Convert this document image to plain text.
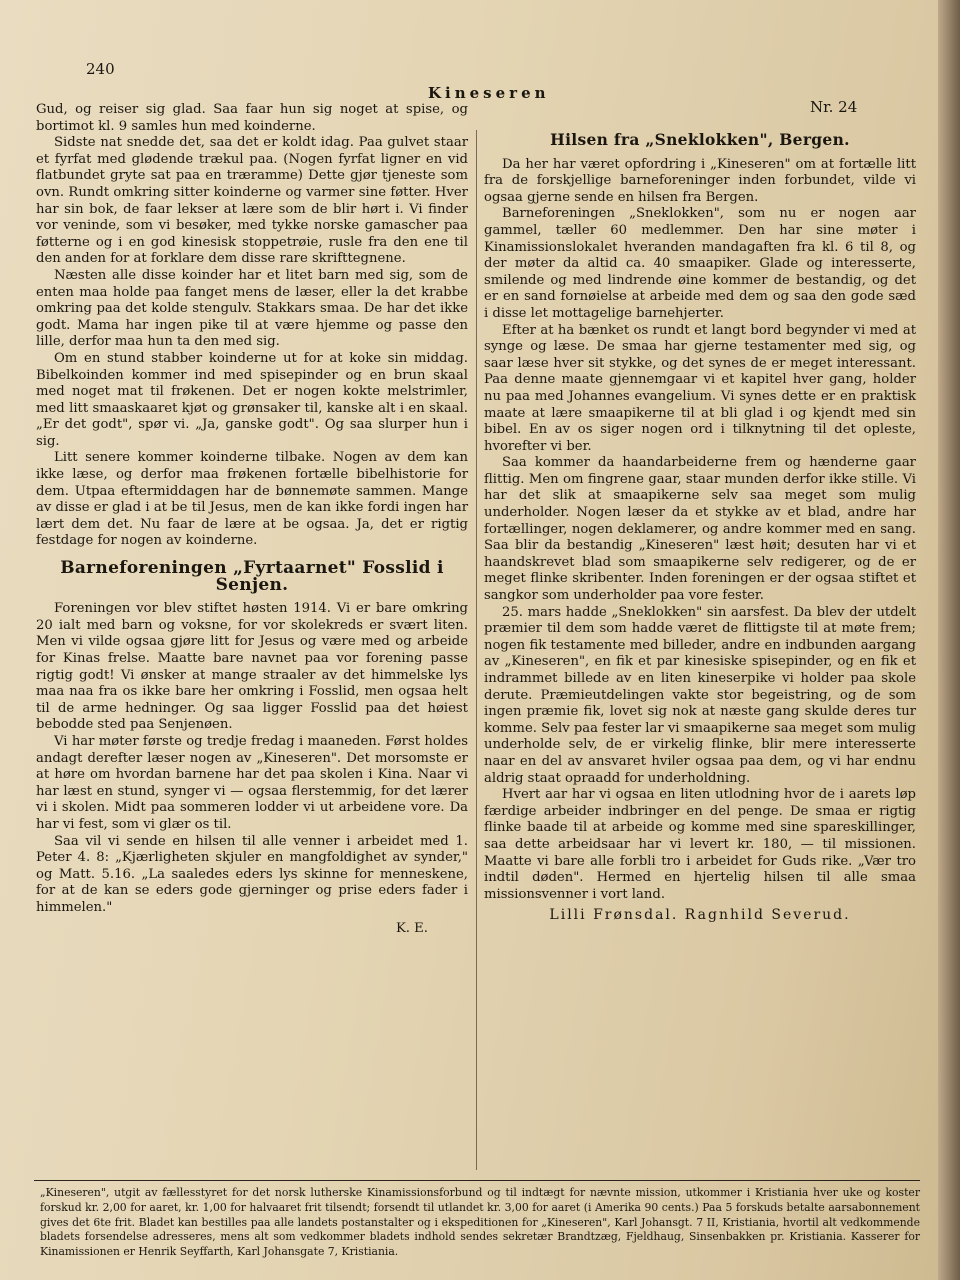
240
Kineseren
Nr. 24

Gud, og reiser sig glad. Saa faar hun sig noget at spise, og bortimot kl. 9 samles hun med koinderne.

Sidste nat snedde det, saa det er koldt idag. Paa gulvet staar et fyrfat med glødende trækul paa. (Nogen fyrfat ligner en vid flatbundet gryte sat paa en træramme) Dette gjør tjeneste som ovn. Rundt omkring sitter koinderne og varmer sine føtter. Hver har sin bok, de faar lekser at lære som de blir hørt i. Vi finder vor veninde, som vi besøker, med tykke norske gamascher paa føtterne og i en god kinesisk stoppetrøie, rusle fra den ene til den anden for at forklare dem disse rare skrifttegnene.

Næsten alle disse koinder har et litet barn med sig, som de enten maa holde paa fanget mens de læser, eller la det krabbe omkring paa det kolde stengulv. Stakkars smaa. De har det ikke godt. Mama har ingen pike til at være hjemme og passe den lille, derfor maa hun ta den med sig.

Om en stund stabber koinderne ut for at koke sin middag. Bibelkoinden kommer ind med spisepinder og en brun skaal med noget mat til frøkenen. Det er nogen kokte melstrimler, med litt smaaskaaret kjøt og grønsaker til, kanske alt i en skaal. „Er det godt", spør vi. „Ja, ganske godt". Og saa slurper hun i sig.

Litt senere kommer koinderne tilbake. Nogen av dem kan ikke læse, og derfor maa frøkenen fortælle bibelhistorie for dem. Utpaa eftermiddagen har de bønnemøte sammen. Mange av disse er glad i at be til Jesus, men de kan ikke fordi ingen har lært dem det. Nu faar de lære at be ogsaa. Ja, det er rigtig festdage for nogen av koinderne.

Barneforeningen „Fyrtaarnet" Fosslid i Senjen.

Foreningen vor blev stiftet høsten 1914. Vi er bare omkring 20 ialt med barn og voksne, for vor skolekreds er svært liten. Men vi vilde ogsaa gjøre litt for Jesus og være med og arbeide for Kinas frelse. Maatte bare navnet paa vor forening passe rigtig godt! Vi ønsker at mange straaler av det himmelske lys maa naa fra os ikke bare her omkring i Fosslid, men ogsaa helt til de arme hedninger. Og saa ligger Fosslid paa det høiest bebodde sted paa Senjenøen.

Vi har møter første og tredje fredag i maaneden. Først holdes andagt derefter læser nogen av „Kineseren". Det morsomste er at høre om hvordan barnene har det paa skolen i Kina. Naar vi har læst en stund, synger vi — ogsaa flerstemmig, for det lærer vi i skolen. Midt paa sommeren lodder vi ut arbeidene vore. Da har vi fest, som vi glær os til.

Saa vil vi sende en hilsen til alle venner i arbeidet med 1. Peter 4. 8: „Kjærligheten skjuler en mangfoldighet av synder," og Matt. 5.16. „La saaledes eders lys skinne for menneskene, for at de kan se eders gode gjerninger og prise eders fader i himmelen."

K. E.
Hilsen fra „Sneklokken", Bergen.

Da her har været opfordring i „Kineseren" om at fortælle litt fra de forskjellige barneforeninger inden forbundet, vilde vi ogsaa gjerne sende en hilsen fra Bergen.

Barneforeningen „Sneklokken", som nu er nogen aar gammel, tæller 60 medlemmer. Den har sine møter i Kinamissionslokalet hveranden mandagaften fra kl. 6 til 8, og der møter da altid ca. 40 smaapiker. Glade og interesserte, smilende og med lindrende øine kommer de bestandig, og det er en sand fornøielse at arbeide med dem og saa den gode sæd i disse let mottagelige barnehjerter.

Efter at ha bænket os rundt et langt bord begynder vi med at synge og læse. De smaa har gjerne testamenter med sig, og saar læse hver sit stykke, og det synes de er meget interessant. Paa denne maate gjennemgaar vi et kapitel hver gang, holder nu paa med Johannes evangelium. Vi synes dette er en praktisk maate at lære smaapikerne til at bli glad i og kjendt med sin bibel. En av os siger nogen ord i tilknytning til det opleste, hvorefter vi ber.

Saa kommer da haandarbeiderne frem og hænderne gaar flittig. Men om fingrene gaar, staar munden derfor ikke stille. Vi har det slik at smaapikerne selv saa meget som mulig underholder. Nogen læser da et stykke av et blad, andre har fortællinger, nogen deklamerer, og andre kommer med en sang. Saa blir da bestandig „Kineseren" læst høit; desuten har vi et haandskrevet blad som smaapikerne selv redigerer, og de er meget flinke skribenter. Inden foreningen er der ogsaa stiftet et sangkor som underholder paa vore fester.

25. mars hadde „Sneklokken" sin aarsfest. Da blev der utdelt præmier til dem som hadde været de flittigste til at møte frem; nogen fik testamente med billeder, andre en indbunden aargang av „Kineseren", en fik et par kinesiske spisepinder, og en fik et indrammet billede av en liten kineserpike vi holder paa skole derute. Præmieutdelingen vakte stor begeistring, og de som ingen præmie fik, lovet sig nok at næste gang skulde deres tur komme. Selv paa fester lar vi smaapikerne saa meget som mulig underholde selv, de er virkelig flinke, blir mere interesserte naar en del av ansvaret hviler ogsaa paa dem, og vi har endnu aldrig staat opraadd for underholdning.

Hvert aar har vi ogsaa en liten utlodning hvor de i aarets løp færdige arbeider indbringer en del penge. De smaa er rigtig flinke baade til at arbeide og komme med sine spareskillinger, saa dette arbeidsaar har vi levert kr. 180, — til missionen. Maatte vi bare alle forbli tro i arbeidet for Guds rike. „Vær tro indtil døden". Hermed en hjertelig hilsen til alle smaa missionsvenner i vort land.

Lilli Frønsdal. Ragnhild Severud.
„Kineseren", utgit av fællesstyret for det norsk lutherske Kinamissionsforbund og til indtægt for nævnte mission, utkommer i Kristiania hver uke og koster forskud kr. 2,00 for aaret, kr. 1,00 for halvaaret frit tilsendt; forsendt til utlandet kr. 3,00 for aaret (i Amerika 90 cents.) Paa 5 forskuds betalte aarsabonnement gives det 6te frit. Bladet kan bestilles paa alle landets postanstalter og i ekspeditionen for „Kineseren", Karl Johansgt. 7 II, Kristiania, hvortil alt vedkommende bladets forsendelse adresseres, mens alt som vedkommer bladets indhold sendes sekretær Brandtzæg, Fjeldhaug, Sinsenbakken pr. Kristiania. Kasserer for Kinamissionen er Henrik Seyffarth, Karl Johansgate 7, Kristiania.
